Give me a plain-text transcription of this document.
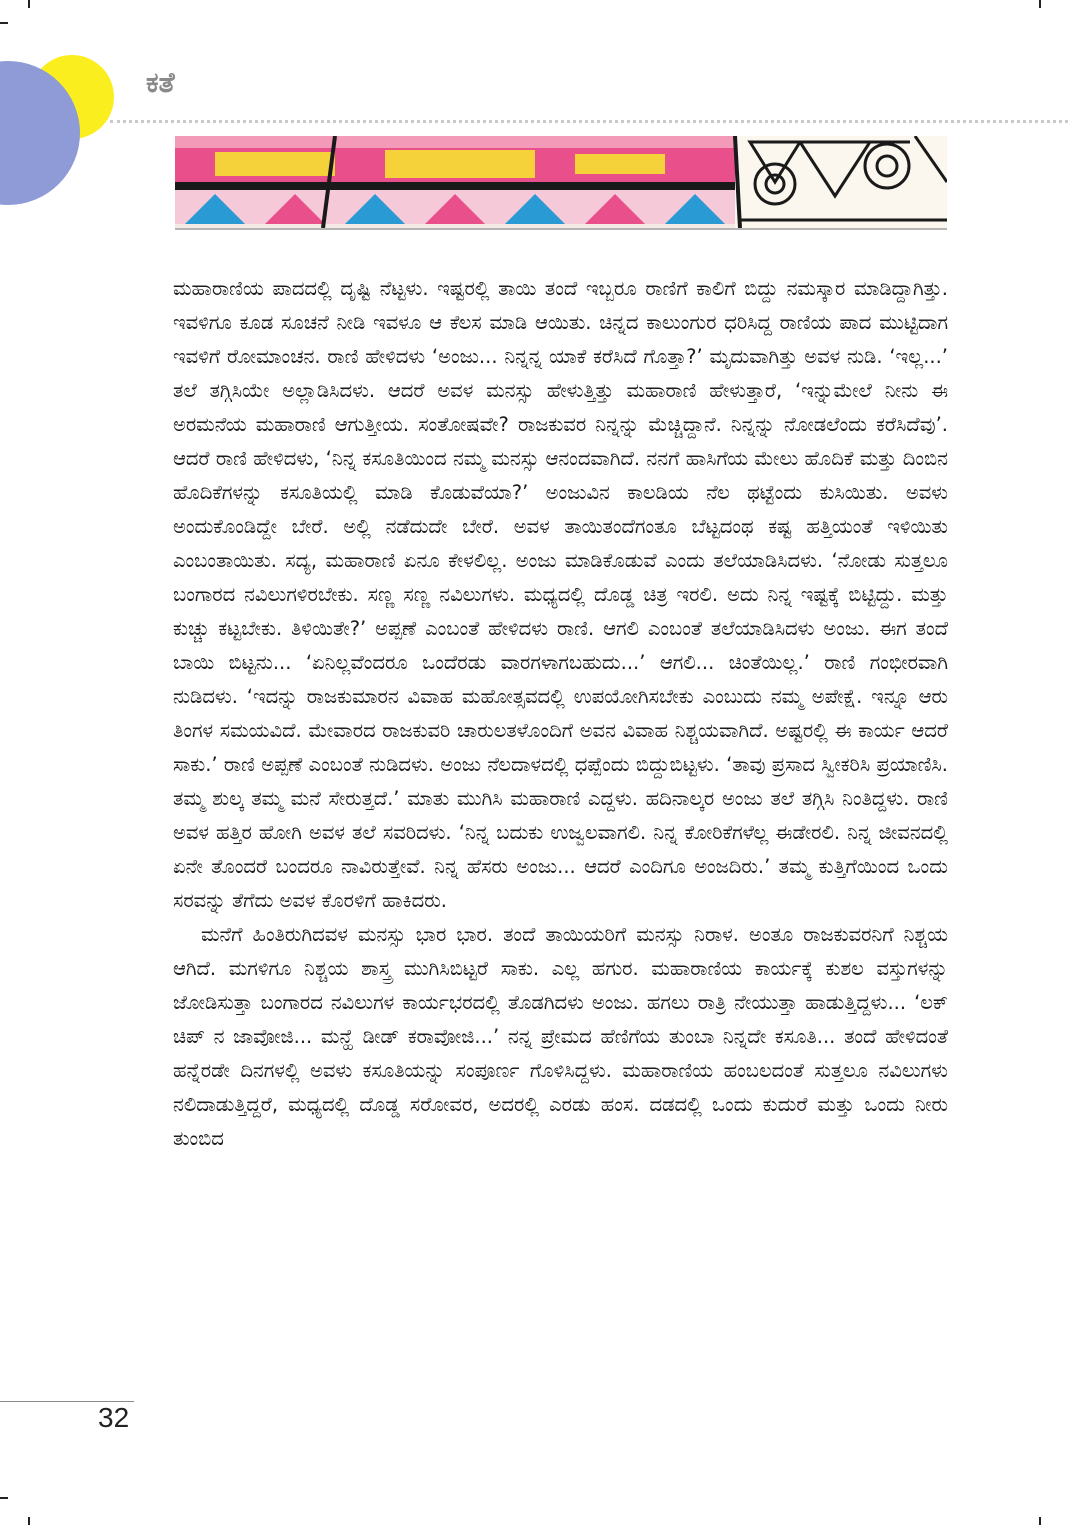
ಕತೆ

ಮಹಾರಾಣಿಯ ಪಾದದಲ್ಲಿ ದೃಷ್ಟಿ ನೆಟ್ಟಳು. ಇಷ್ಟರಲ್ಲಿ ತಾಯಿ ತಂದೆ ಇಬ್ಬರೂ ರಾಣಿಗೆ ಕಾಲಿಗೆ ಬಿದ್ದು ನಮಸ್ಕಾರ ಮಾಡಿದ್ದಾಗಿತ್ತು. ಇವಳಿಗೂ ಕೂಡ ಸೂಚನೆ ನೀಡಿ ಇವಳೂ ಆ ಕೆಲಸ ಮಾಡಿ ಆಯಿತು. ಚಿನ್ನದ ಕಾಲುಂಗುರ ಧರಿಸಿದ್ದ ರಾಣಿಯ ಪಾದ ಮುಟ್ಟಿದಾಗ ಇವಳಿಗೆ ರೋಮಾಂಚನ. ರಾಣಿ ಹೇಳಿದಳು ‘ಅಂಜು... ನಿನ್ನನ್ನ ಯಾಕೆ ಕರೆಸಿದೆ ಗೊತ್ತಾ?’ ಮೃದುವಾಗಿತ್ತು ಅವಳ ನುಡಿ. ‘ಇಲ್ಲ...’ ತಲೆ ತಗ್ಗಿಸಿಯೇ ಅಲ್ಲಾಡಿಸಿದಳು. ಆದರೆ ಅವಳ ಮನಸ್ಸು ಹೇಳುತ್ತಿತ್ತು ಮಹಾರಾಣಿ ಹೇಳುತ್ತಾರೆ, ‘ಇನ್ನುಮೇಲೆ ನೀನು ಈ ಅರಮನೆಯ ಮಹಾರಾಣಿ ಆಗುತ್ತೀಯ. ಸಂತೋಷವೇ? ರಾಜಕುವರ ನಿನ್ನನ್ನು ಮೆಚ್ಚಿದ್ದಾನೆ. ನಿನ್ನನ್ನು ನೋಡಲೆಂದು ಕರೆಸಿದೆವು’. ಆದರೆ ರಾಣಿ ಹೇಳಿದಳು, ‘ನಿನ್ನ ಕಸೂತಿಯಿಂದ ನಮ್ಮ ಮನಸ್ಸು ಆನಂದವಾಗಿದೆ. ನನಗೆ ಹಾಸಿಗೆಯ ಮೇಲು ಹೊದಿಕೆ ಮತ್ತು ದಿಂಬಿನ ಹೊದಿಕೆಗಳನ್ನು ಕಸೂತಿಯಲ್ಲಿ ಮಾಡಿ ಕೊಡುವೆಯಾ?’ ಅಂಜುವಿನ ಕಾಲಡಿಯ ನೆಲ ಥಟ್ಟೆಂದು ಕುಸಿಯಿತು. ಅವಳು ಅಂದುಕೊಂಡಿದ್ದೇ ಬೇರೆ. ಅಲ್ಲಿ ನಡೆದುದೇ ಬೇರೆ. ಅವಳ ತಾಯಿತಂದೆಗಂತೂ ಬೆಟ್ಟದಂಥ ಕಷ್ಟ ಹತ್ತಿಯಂತೆ ಇಳಿಯಿತು ಎಂಬಂತಾಯಿತು. ಸದ್ಯ, ಮಹಾರಾಣಿ ಏನೂ ಕೇಳಲಿಲ್ಲ. ಅಂಜು ಮಾಡಿಕೊಡುವೆ ಎಂದು ತಲೆಯಾಡಿಸಿದಳು. ‘ನೋಡು ಸುತ್ತಲೂ ಬಂಗಾರದ ನವಿಲುಗಳಿರಬೇಕು. ಸಣ್ಣ ಸಣ್ಣ ನವಿಲುಗಳು. ಮಧ್ಯದಲ್ಲಿ ದೊಡ್ಡ ಚಿತ್ರ ಇರಲಿ. ಅದು ನಿನ್ನ ಇಷ್ಟಕ್ಕೆ ಬಿಟ್ಟಿದ್ದು. ಮತ್ತು ಕುಚ್ಚು ಕಟ್ಟಬೇಕು. ತಿಳಿಯಿತೇ?’ ಅಪ್ಪಣೆ ಎಂಬಂತೆ ಹೇಳಿದಳು ರಾಣಿ. ಆಗಲಿ ಎಂಬಂತೆ ತಲೆಯಾಡಿಸಿದಳು ಅಂಜು. ಈಗ ತಂದೆ ಬಾಯಿ ಬಿಟ್ಟನು... ‘ಏನಿಲ್ಲವೆಂದರೂ ಒಂದೆರಡು ವಾರಗಳಾಗಬಹುದು...’ ಆಗಲಿ... ಚಿಂತೆಯಿಲ್ಲ.’ ರಾಣಿ ಗಂಭೀರವಾಗಿ ನುಡಿದಳು. ‘ಇದನ್ನು ರಾಜಕುಮಾರನ ವಿವಾಹ ಮಹೋತ್ಸವದಲ್ಲಿ ಉಪಯೋಗಿಸಬೇಕು ಎಂಬುದು ನಮ್ಮ ಅಪೇಕ್ಷೆ. ಇನ್ನೂ ಆರು ತಿಂಗಳ ಸಮಯವಿದೆ. ಮೇವಾರದ ರಾಜಕುವರಿ ಚಾರುಲತಳೊಂದಿಗೆ ಅವನ ವಿವಾಹ ನಿಶ್ಚಯವಾಗಿದೆ. ಅಷ್ಟರಲ್ಲಿ ಈ ಕಾರ್ಯ ಆದರೆ ಸಾಕು.’ ರಾಣಿ ಅಪ್ಪಣೆ ಎಂಬಂತೆ ನುಡಿದಳು. ಅಂಜು ನೆಲದಾಳದಲ್ಲಿ ಧಪ್ಪೆಂದು ಬಿದ್ದುಬಿಟ್ಟಳು. ‘ತಾವು ಪ್ರಸಾದ ಸ್ವೀಕರಿಸಿ ಪ್ರಯಾಣಿಸಿ. ತಮ್ಮ ಶುಲ್ಕ ತಮ್ಮ ಮನೆ ಸೇರುತ್ತದೆ.’ ಮಾತು ಮುಗಿಸಿ ಮಹಾರಾಣಿ ಎದ್ದಳು. ಹದಿನಾಲ್ಕರ ಅಂಜು ತಲೆ ತಗ್ಗಿಸಿ ನಿಂತಿದ್ದಳು. ರಾಣಿ ಅವಳ ಹತ್ತಿರ ಹೋಗಿ ಅವಳ ತಲೆ ಸವರಿದಳು. ‘ನಿನ್ನ ಬದುಕು ಉಜ್ವಲವಾಗಲಿ. ನಿನ್ನ ಕೋರಿಕೆಗಳೆಲ್ಲ ಈಡೇರಲಿ. ನಿನ್ನ ಜೀವನದಲ್ಲಿ ಏನೇ ತೊಂದರೆ ಬಂದರೂ ನಾವಿರುತ್ತೇವೆ. ನಿನ್ನ ಹೆಸರು ಅಂಜು... ಆದರೆ ಎಂದಿಗೂ ಅಂಜದಿರು.’ ತಮ್ಮ ಕುತ್ತಿಗೆಯಿಂದ ಒಂದು ಸರವನ್ನು ತೆಗೆದು ಅವಳ ಕೊರಳಿಗೆ ಹಾಕಿದರು.

ಮನೆಗೆ ಹಿಂತಿರುಗಿದವಳ ಮನಸ್ಸು ಭಾರ ಭಾರ. ತಂದೆ ತಾಯಿಯರಿಗೆ ಮನಸ್ಸು ನಿರಾಳ. ಅಂತೂ ರಾಜಕುವರನಿಗೆ ನಿಶ್ಚಯ ಆಗಿದೆ. ಮಗಳಿಗೂ ನಿಶ್ಚಯ ಶಾಸ್ತ್ರ ಮುಗಿಸಿಬಿಟ್ಟರೆ ಸಾಕು. ಎಲ್ಲ ಹಗುರ. ಮಹಾರಾಣಿಯ ಕಾರ್ಯಕ್ಕೆ ಕುಶಲ ವಸ್ತುಗಳನ್ನು ಜೋಡಿಸುತ್ತಾ ಬಂಗಾರದ ನವಿಲುಗಳ ಕಾರ್ಯಭರದಲ್ಲಿ ತೊಡಗಿದಳು ಅಂಜು. ಹಗಲು ರಾತ್ರಿ ನೇಯುತ್ತಾ ಹಾಡುತ್ತಿದ್ದಳು... ‘ಲಕ್ ಚಿಪ್ ನ ಜಾವೋಜಿ... ಮನ್ಹೆ ಡೀಡ್ ಕರಾವೋಜಿ...’ ನನ್ನ ಪ್ರೇಮದ ಹೆಣಿಗೆಯ ತುಂಬಾ ನಿನ್ನದೇ ಕಸೂತಿ... ತಂದೆ ಹೇಳಿದಂತೆ ಹನ್ನೆರಡೇ ದಿನಗಳಲ್ಲಿ ಅವಳು ಕಸೂತಿಯನ್ನು ಸಂಪೂರ್ಣ ಗೊಳಿಸಿದ್ದಳು. ಮಹಾರಾಣಿಯ ಹಂಬಲದಂತೆ ಸುತ್ತಲೂ ನವಿಲುಗಳು ನಲಿದಾಡುತ್ತಿದ್ದರೆ, ಮಧ್ಯದಲ್ಲಿ ದೊಡ್ಡ ಸರೋವರ, ಅದರಲ್ಲಿ ಎರಡು ಹಂಸ. ದಡದಲ್ಲಿ ಒಂದು ಕುದುರೆ ಮತ್ತು ಒಂದು ನೀರು ತುಂಬಿದ

32
